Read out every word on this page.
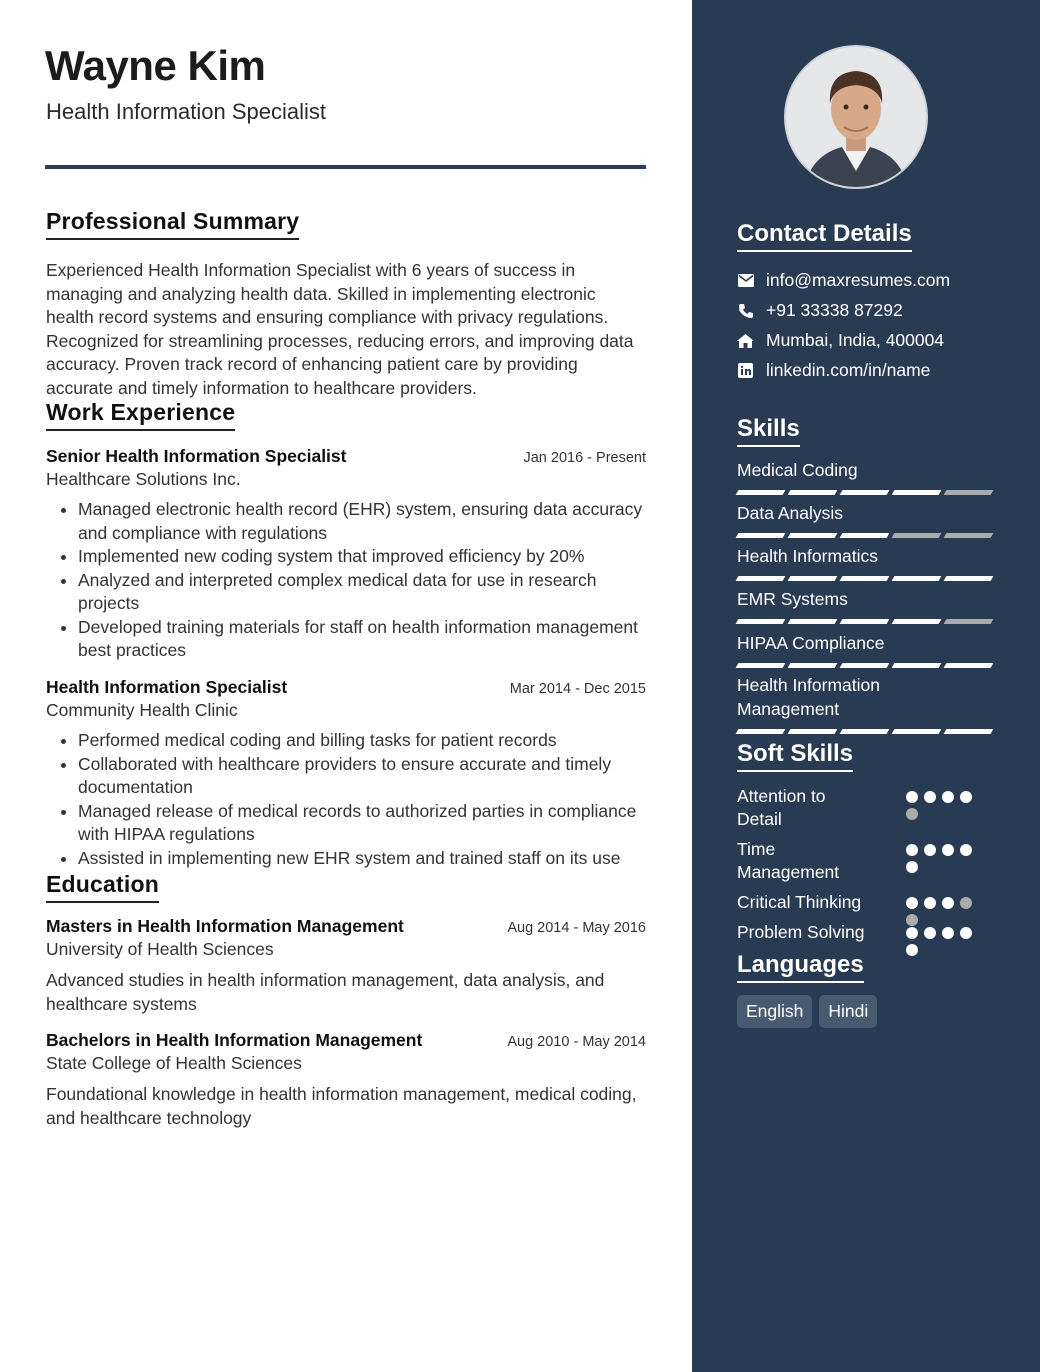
Wayne Kim
Health Information Specialist
Professional Summary

Experienced Health Information Specialist with 6 years of success in managing and analyzing health data. Skilled in implementing electronic health record systems and ensuring compliance with privacy regulations. Recognized for streamlining processes, reducing errors, and improving data accuracy. Proven track record of enhancing patient care by providing accurate and timely information to healthcare providers.

Work Experience
Senior Health Information Specialist	Jan 2016 - Present
Healthcare Solutions Inc.
• Managed electronic health record (EHR) system, ensuring data accuracy and compliance with regulations
• Implemented new coding system that improved efficiency by 20%
• Analyzed and interpreted complex medical data for use in research projects
• Developed training materials for staff on health information management best practices
Health Information Specialist	Mar 2014 - Dec 2015
Community Health Clinic
• Performed medical coding and billing tasks for patient records
• Collaborated with healthcare providers to ensure accurate and timely documentation
• Managed release of medical records to authorized parties in compliance with HIPAA regulations
• Assisted in implementing new EHR system and trained staff on its use
Education
Masters in Health Information Management	Aug 2014 - May 2016
University of Health Sciences
Advanced studies in health information management, data analysis, and healthcare systems
Bachelors in Health Information Management	Aug 2010 - May 2014
State College of Health Sciences
Foundational knowledge in health information management, medical coding, and healthcare technology
Contact Details
info@maxresumes.com
+91 33338 87292
Mumbai, India, 400004
linkedin.com/in/name
Skills
Medical Coding
Data Analysis
Health Informatics
EMR Systems
HIPAA Compliance
Health Information Management
Soft Skills
Attention to Detail
Time Management
Critical Thinking
Problem Solving
Languages
English	Hindi
